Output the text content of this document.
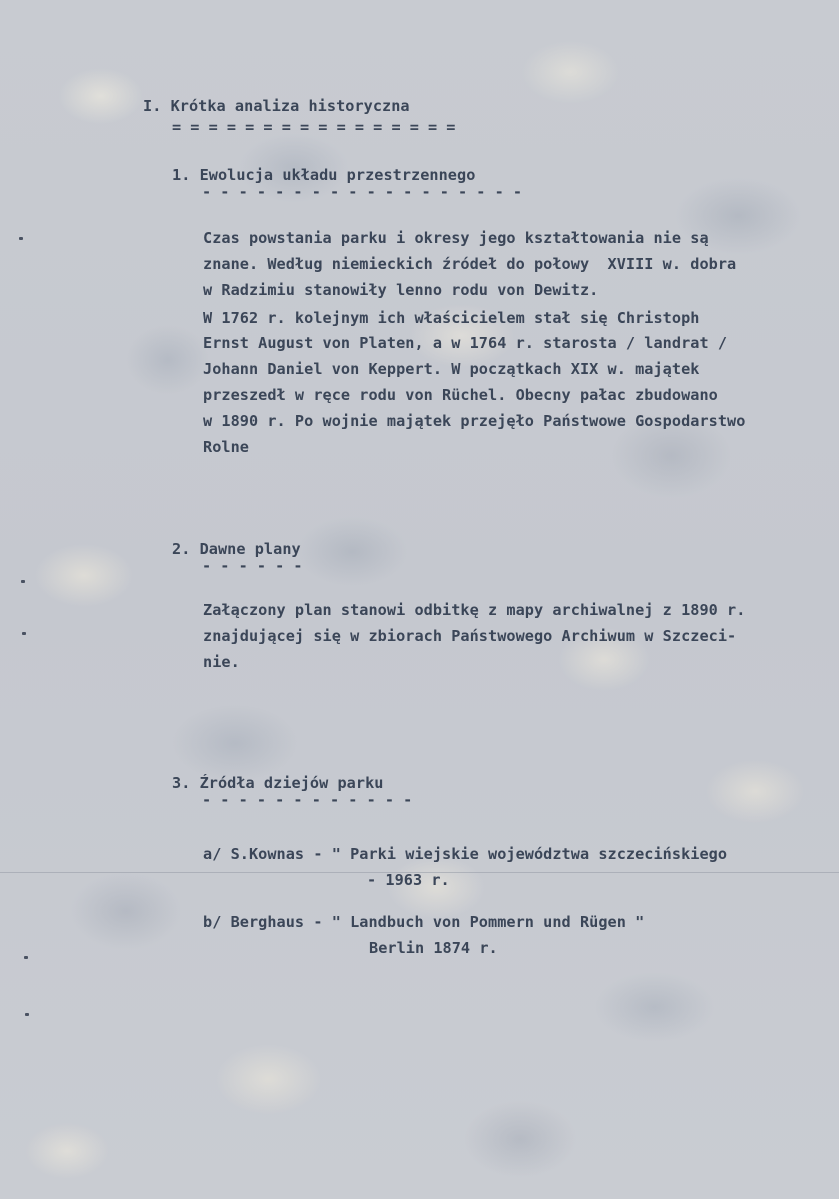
I. Krótka analiza historyczna
= = = = = = = = = = = = = = = =
1. Ewolucja układu przestrzennego
- - - - - - - - - - - - - - - - - -
Czas powstania parku i okresy jego kształtowania nie są
znane. Według niemieckich źródeł do połowy  XVIII w. dobra
w Radzimiu stanowiły lenno rodu von Dewitz.
W 1762 r. kolejnym ich właścicielem stał się Christoph
Ernst August von Platen, a w 1764 r. starosta / landrat /
Johann Daniel von Keppert. W początkach XIX w. majątek
przeszedł w ręce rodu von Rüchel. Obecny pałac zbudowano
w 1890 r. Po wojnie majątek przejęło Państwowe Gospodarstwo
Rolne
2. Dawne plany
- - - - - -
Załączony plan stanowi odbitkę z mapy archiwalnej z 1890 r.
znajdującej się w zbiorach Państwowego Archiwum w Szczeci-
nie.
3. Źródła dziejów parku
- - - - - - - - - - - -
a/ S.Kownas - " Parki wiejskie województwa szczecińskiego
- 1963 r.
b/ Berghaus - " Landbuch von Pommern und Rügen "
Berlin 1874 r.
